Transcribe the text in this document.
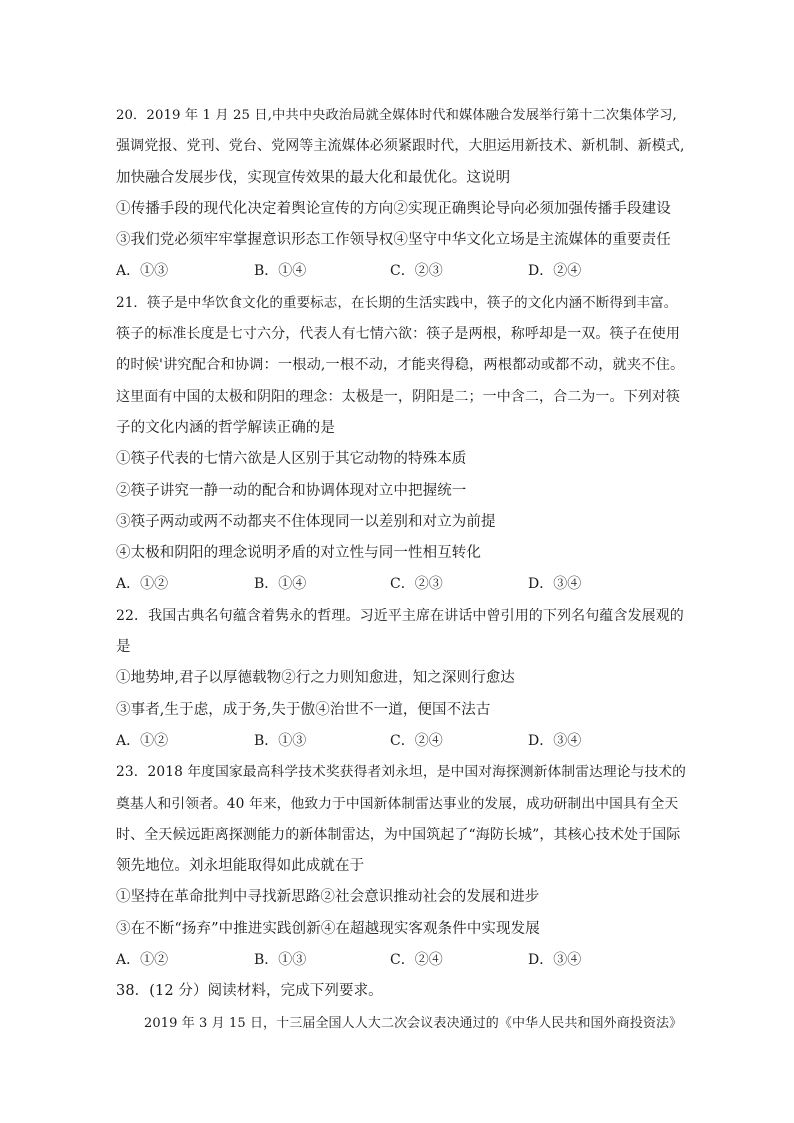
20．2019 年 1 月 25 日,中共中央政治局就全媒体时代和媒体融合发展举行第十二次集体学习,
强调党报、党刊、党台、党网等主流媒体必须紧跟时代，大胆运用新技术、新机制、新模式,
加快融合发展步伐，实现宣传效果的最大化和最优化。这说明
①传播手段的现代化决定着舆论宣传的方向②实现正确舆论导向必须加强传播手段建设
③我们党必须牢牢掌握意识形态工作领导权④坚守中华文化立场是主流媒体的重要责任
A．①③	B．①④	C．②③	D．②④
21．筷子是中华饮食文化的重要标志，在长期的生活实践中，筷子的文化内涵不断得到丰富。
筷子的标准长度是七寸六分，代表人有七情六欲：筷子是两根，称呼却是一双。筷子在使用
的时候'讲究配合和协调：一根动,一根不动，才能夹得稳，两根都动或都不动，就夹不住。
这里面有中国的太极和阴阳的理念：太极是一，阴阳是二；一中含二，合二为一。下列对筷
子的文化内涵的哲学解读正确的是
①筷子代表的七情六欲是人区别于其它动物的特殊本质
②筷子讲究一静一动的配合和协调体现对立中把握统一
③筷子两动或两不动都夹不住体现同一以差别和对立为前提
④太极和阴阳的理念说明矛盾的对立性与同一性相互转化
A．①②	B．①④	C．②③	D．③④
22．我国古典名句蕴含着隽永的哲理。习近平主席在讲话中曾引用的下列名句蕴含发展观的
是
①地势坤,君子以厚德载物②行之力则知愈进，知之深则行愈达
③事者,生于虑，成于务,失于傲④治世不一道，便国不法古
A．①②	B．①③	C．②④	D．③④
23．2018 年度国家最高科学技术奖获得者刘永坦，是中国对海探测新体制雷达理论与技术的
奠基人和引领者。40 年来，他致力于中国新体制雷达事业的发展，成功研制出中国具有全天
时、全天候远距离探测能力的新体制雷达，为中国筑起了“海防长城”，其核心技术处于国际
领先地位。刘永坦能取得如此成就在于
①坚持在革命批判中寻找新思路②社会意识推动社会的发展和进步
③在不断“扬弃”中推进实践创新④在超越现实客观条件中实现发展
A．①②	B．①③	C．②④	D．③④
38．(12 分）阅读材料，完成下列要求。
2019 年 3 月 15 日，十三届全国人人大二次会议表决通过的《中华人民共和国外商投资法》
